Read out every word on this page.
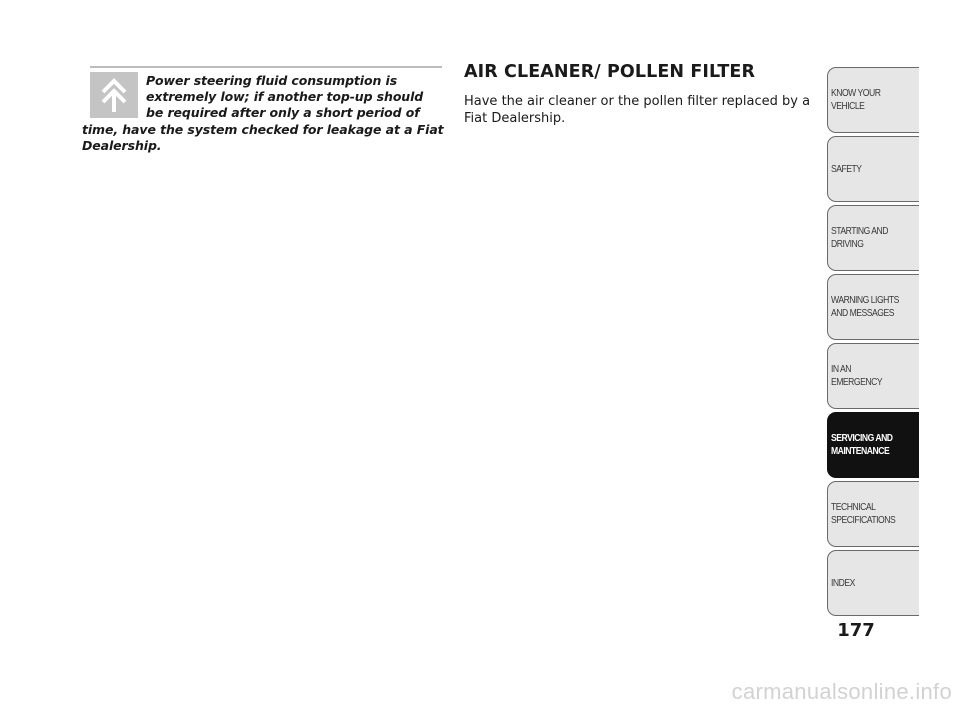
Power steering fluid consumption is extremely low; if another top-up should be required after only a short period of time, have the system checked for leakage at a Fiat Dealership.
AIR CLEANER/ POLLEN FILTER

Have the air cleaner or the pollen filter replaced by a Fiat Dealership.

KNOW YOUR
VEHICLE
SAFETY
STARTING AND
DRIVING
WARNING LIGHTS
AND MESSAGES
IN AN EMERGENCY
SERVICING AND
MAINTENANCE
TECHNICAL
SPECIFICATIONS
INDEX
177
carmanualsonline.info
